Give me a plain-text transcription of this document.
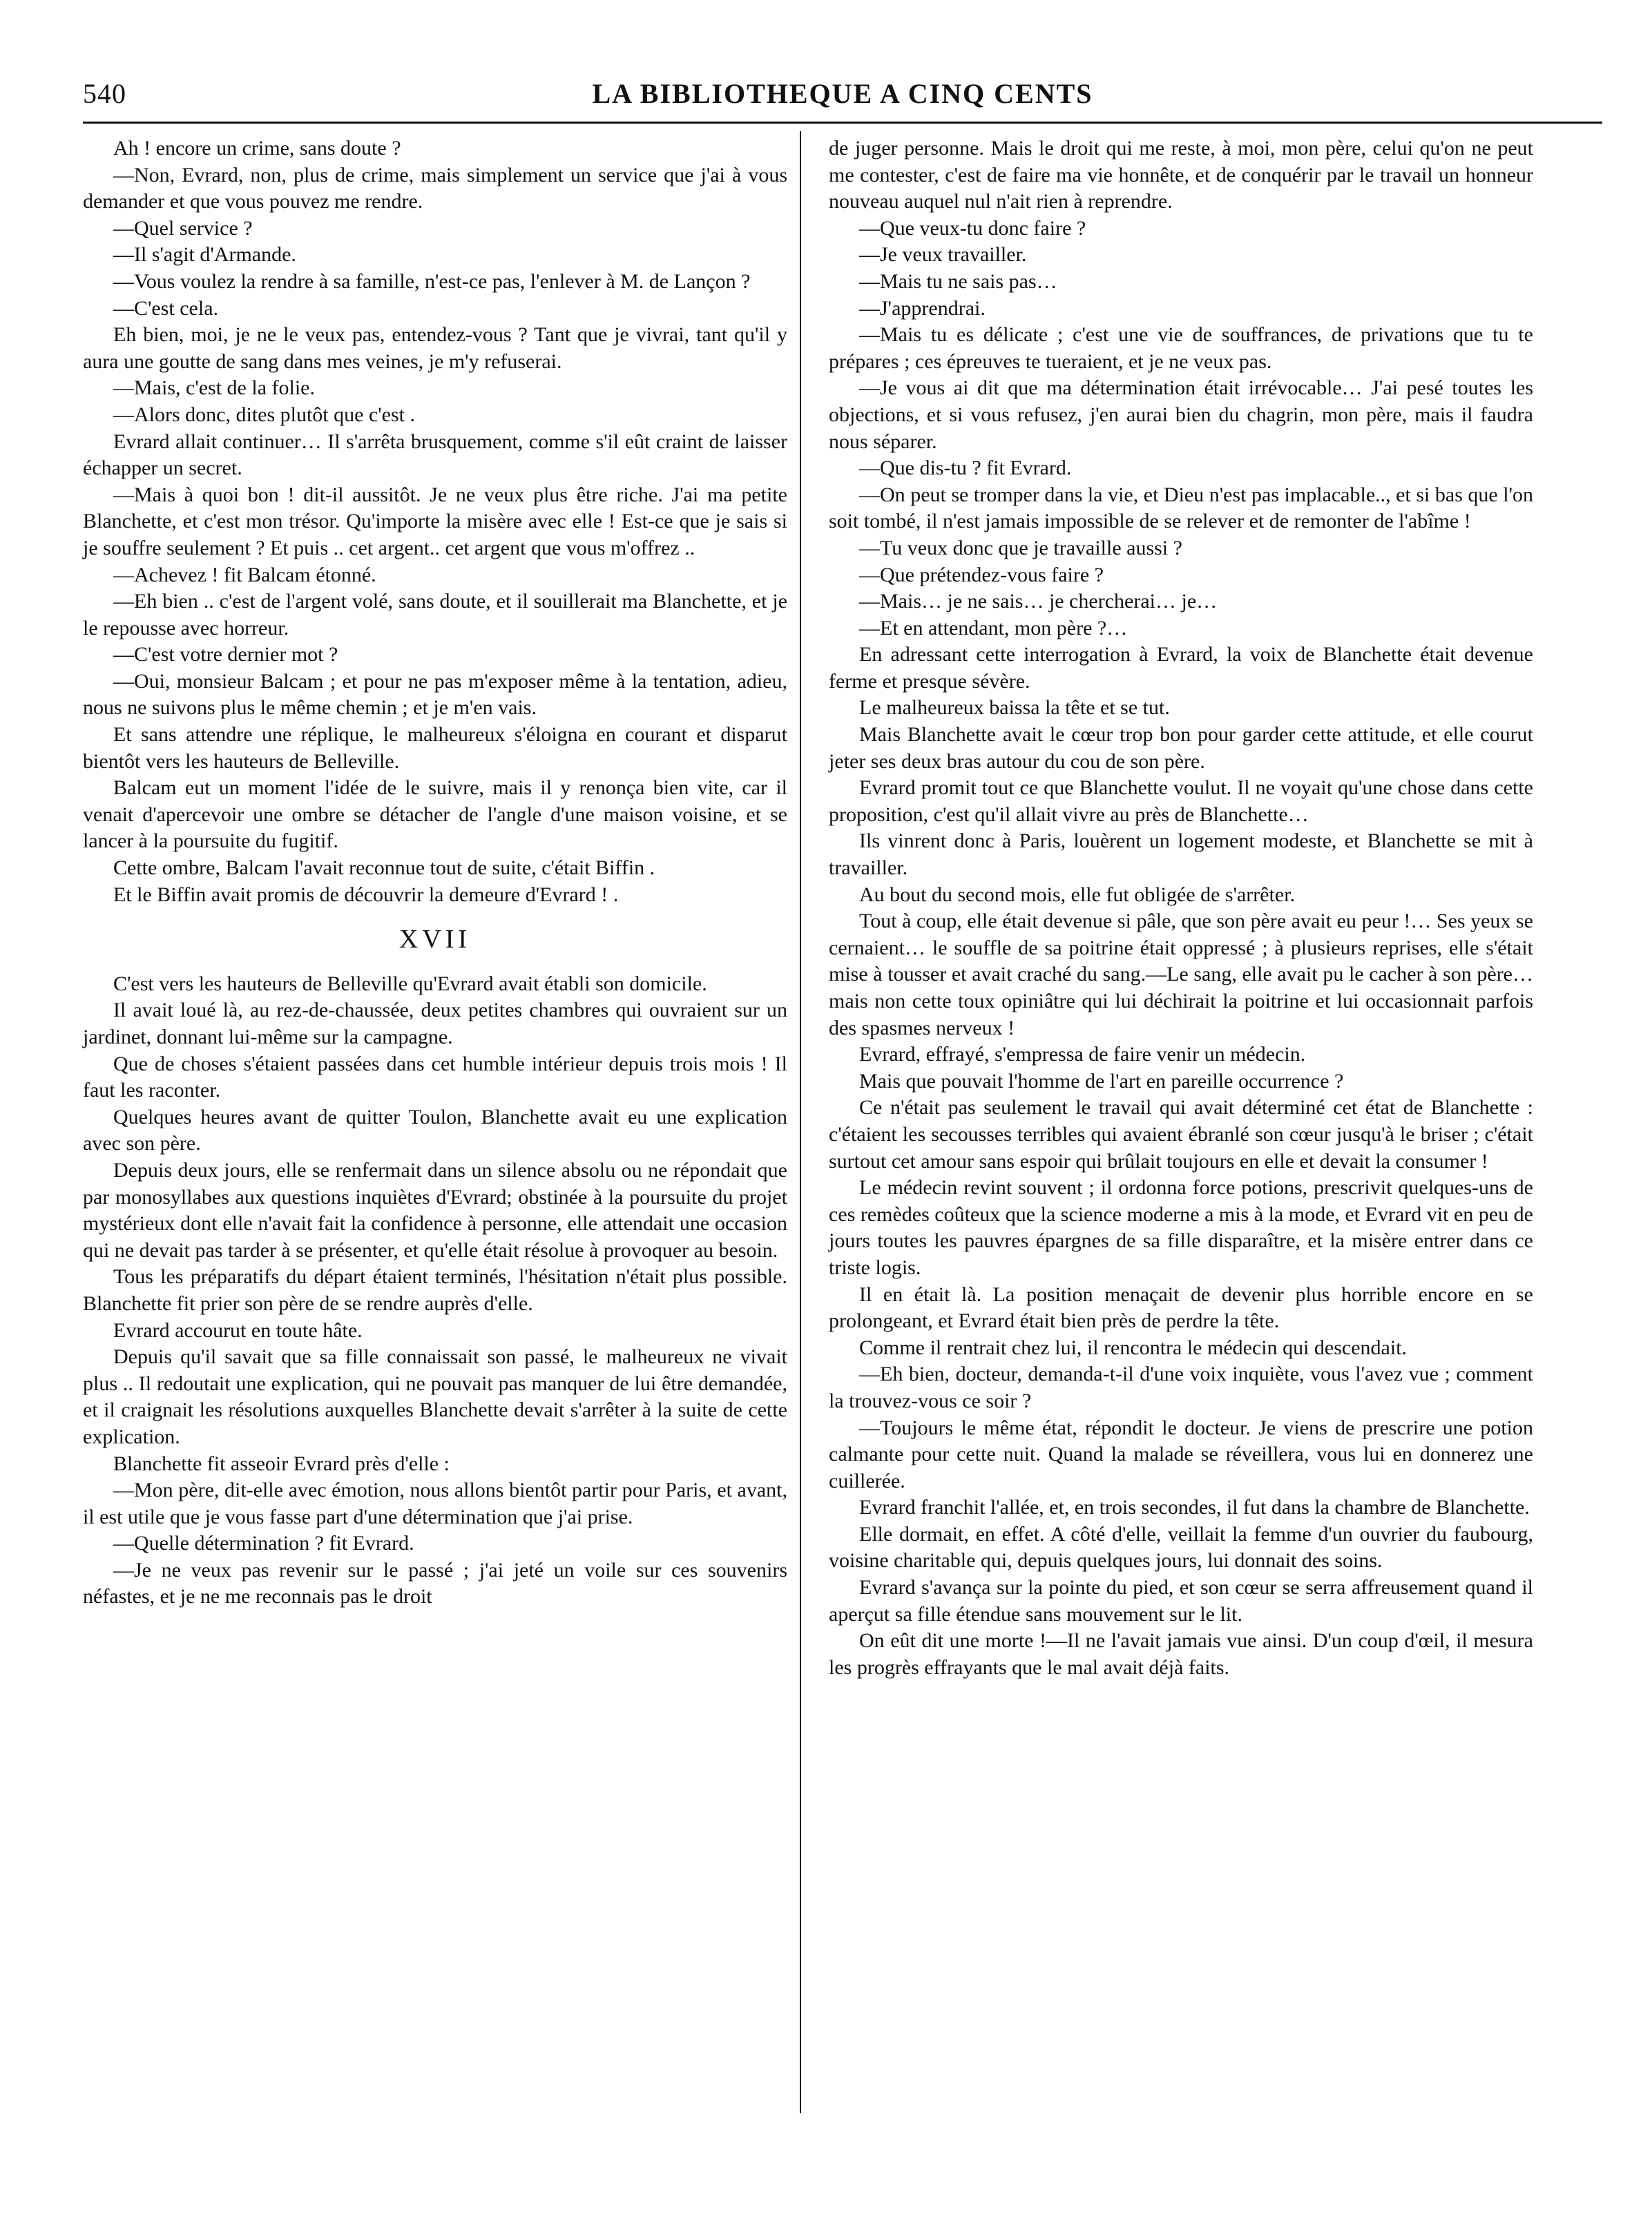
540	LA BIBLIOTHEQUE A CINQ CENTS

Ah ! encore un crime, sans doute ?

—Non, Evrard, non, plus de crime, mais simplement un service que j'ai à vous demander et que vous pouvez me rendre.

—Quel service ?

—Il s'agit d'Armande.

—Vous voulez la rendre à sa famille, n'est-ce pas, l'enlever à M. de Lançon ?

—C'est cela.

Eh bien, moi, je ne le veux pas, entendez-vous ? Tant que je vivrai, tant qu'il y aura une goutte de sang dans mes veines, je m'y refuserai.

—Mais, c'est de la folie.

—Alors donc, dites plutôt que c'est .

Evrard allait continuer… Il s'arrêta brusquement, comme s'il eût craint de laisser échapper un secret.

—Mais à quoi bon ! dit-il aussitôt. Je ne veux plus être riche. J'ai ma petite Blanchette, et c'est mon trésor. Qu'importe la misère avec elle ! Est-ce que je sais si je souffre seulement ? Et puis .. cet argent.. cet argent que vous m'offrez ..

—Achevez ! fit Balcam étonné.

—Eh bien .. c'est de l'argent volé, sans doute, et il souillerait ma Blanchette, et je le repousse avec horreur.

—C'est votre dernier mot ?

—Oui, monsieur Balcam ; et pour ne pas m'exposer même à la tentation, adieu, nous ne suivons plus le même chemin ; et je m'en vais.

Et sans attendre une réplique, le malheureux s'éloigna en courant et disparut bientôt vers les hauteurs de Belleville.

Balcam eut un moment l'idée de le suivre, mais il y renonça bien vite, car il venait d'apercevoir une ombre se détacher de l'angle d'une maison voisine, et se lancer à la poursuite du fugitif.

Cette ombre, Balcam l'avait reconnue tout de suite, c'était Biffin .

Et le Biffin avait promis de découvrir la demeure d'Evrard ! .

XVII

C'est vers les hauteurs de Belleville qu'Evrard avait établi son domicile.

Il avait loué là, au rez-de-chaussée, deux petites chambres qui ouvraient sur un jardinet, donnant lui-même sur la campagne.

Que de choses s'étaient passées dans cet humble intérieur depuis trois mois ! Il faut les raconter.

Quelques heures avant de quitter Toulon, Blanchette avait eu une explication avec son père.

Depuis deux jours, elle se renfermait dans un silence absolu ou ne répondait que par monosyllabes aux questions inquiètes d'Evrard; obstinée à la poursuite du projet mystérieux dont elle n'avait fait la confidence à personne, elle attendait une occasion qui ne devait pas tarder à se présenter, et qu'elle était résolue à provoquer au besoin.

Tous les préparatifs du départ étaient terminés, l'hésitation n'était plus possible. Blanchette fit prier son père de se rendre auprès d'elle.

Evrard accourut en toute hâte.

Depuis qu'il savait que sa fille connaissait son passé, le malheureux ne vivait plus .. Il redoutait une explication, qui ne pouvait pas manquer de lui être demandée, et il craignait les résolutions auxquelles Blanchette devait s'arrêter à la suite de cette explication.

Blanchette fit asseoir Evrard près d'elle :

—Mon père, dit-elle avec émotion, nous allons bientôt partir pour Paris, et avant, il est utile que je vous fasse part d'une détermination que j'ai prise.

—Quelle détermination ? fit Evrard.

—Je ne veux pas revenir sur le passé ; j'ai jeté un voile sur ces souvenirs néfastes, et je ne me reconnais pas le droit

de juger personne. Mais le droit qui me reste, à moi, mon père, celui qu'on ne peut me contester, c'est de faire ma vie honnête, et de conquérir par le travail un honneur nouveau auquel nul n'ait rien à reprendre.

—Que veux-tu donc faire ?

—Je veux travailler.

—Mais tu ne sais pas…

—J'apprendrai.

—Mais tu es délicate ; c'est une vie de souffrances, de privations que tu te prépares ; ces épreuves te tueraient, et je ne veux pas.

—Je vous ai dit que ma détermination était irrévocable… J'ai pesé toutes les objections, et si vous refusez, j'en aurai bien du chagrin, mon père, mais il faudra nous séparer.

—Que dis-tu ? fit Evrard.

—On peut se tromper dans la vie, et Dieu n'est pas implacable.., et si bas que l'on soit tombé, il n'est jamais impossible de se relever et de remonter de l'abîme !

—Tu veux donc que je travaille aussi ?

—Que prétendez-vous faire ?

—Mais… je ne sais… je chercherai… je…

—Et en attendant, mon père ?…

En adressant cette interrogation à Evrard, la voix de Blanchette était devenue ferme et presque sévère.

Le malheureux baissa la tête et se tut.

Mais Blanchette avait le cœur trop bon pour garder cette attitude, et elle courut jeter ses deux bras autour du cou de son père.

Evrard promit tout ce que Blanchette voulut. Il ne voyait qu'une chose dans cette proposition, c'est qu'il allait vivre au près de Blanchette…

Ils vinrent donc à Paris, louèrent un logement modeste, et Blanchette se mit à travailler.

Au bout du second mois, elle fut obligée de s'arrêter.

Tout à coup, elle était devenue si pâle, que son père avait eu peur !… Ses yeux se cernaient… le souffle de sa poitrine était oppressé ; à plusieurs reprises, elle s'était mise à tousser et avait craché du sang.—Le sang, elle avait pu le cacher à son père… mais non cette toux opiniâtre qui lui déchirait la poitrine et lui occasionnait parfois des spasmes nerveux !

Evrard, effrayé, s'empressa de faire venir un médecin.

Mais que pouvait l'homme de l'art en pareille occurrence ?

Ce n'était pas seulement le travail qui avait déterminé cet état de Blanchette : c'étaient les secousses terribles qui avaient ébranlé son cœur jusqu'à le briser ; c'était surtout cet amour sans espoir qui brûlait toujours en elle et devait la consumer !

Le médecin revint souvent ; il ordonna force potions, prescrivit quelques-uns de ces remèdes coûteux que la science moderne a mis à la mode, et Evrard vit en peu de jours toutes les pauvres épargnes de sa fille disparaître, et la misère entrer dans ce triste logis.

Il en était là. La position menaçait de devenir plus horrible encore en se prolongeant, et Evrard était bien près de perdre la tête.

Comme il rentrait chez lui, il rencontra le médecin qui descendait.

—Eh bien, docteur, demanda-t-il d'une voix inquiète, vous l'avez vue ; comment la trouvez-vous ce soir ?

—Toujours le même état, répondit le docteur. Je viens de prescrire une potion calmante pour cette nuit. Quand la malade se réveillera, vous lui en donnerez une cuillerée.

Evrard franchit l'allée, et, en trois secondes, il fut dans la chambre de Blanchette.

Elle dormait, en effet. A côté d'elle, veillait la femme d'un ouvrier du faubourg, voisine charitable qui, depuis quelques jours, lui donnait des soins.

Evrard s'avança sur la pointe du pied, et son cœur se serra affreusement quand il aperçut sa fille étendue sans mouvement sur le lit.

On eût dit une morte !—Il ne l'avait jamais vue ainsi. D'un coup d'œil, il mesura les progrès effrayants que le mal avait déjà faits.
